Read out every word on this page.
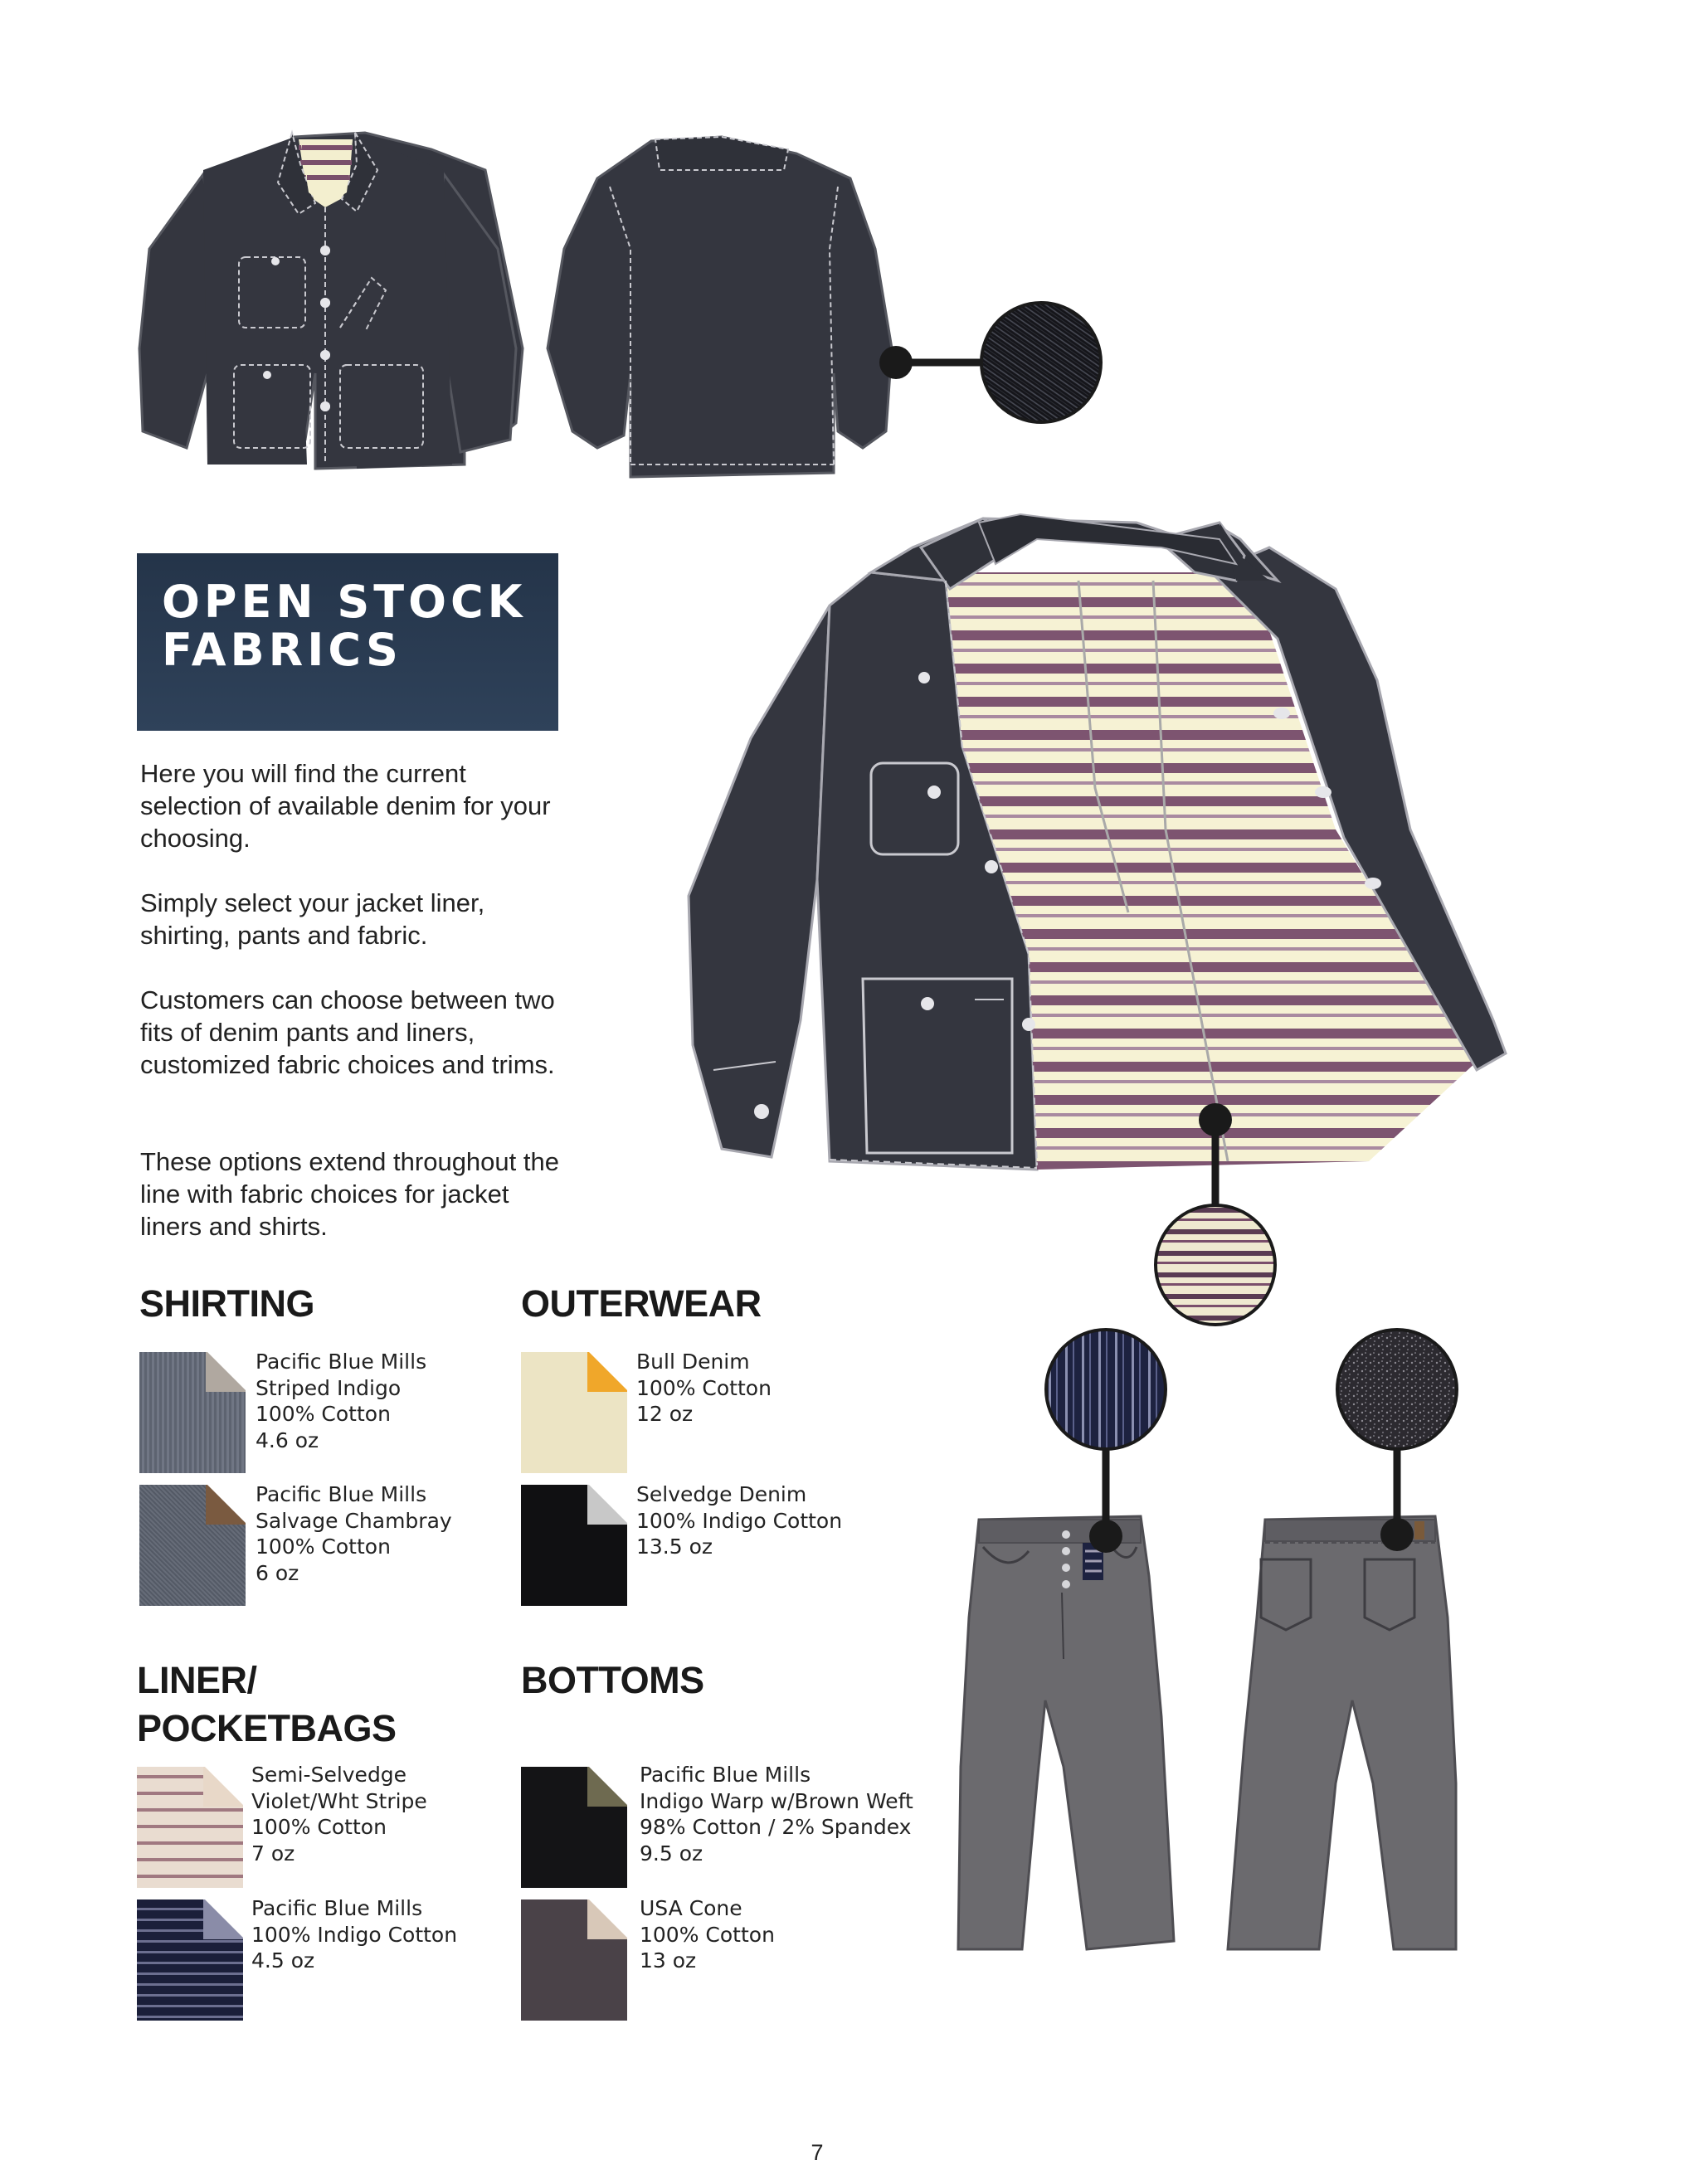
OPEN STOCK FABRICS

Here you will find the current selection of available denim for your choosing.

Simply select your jacket liner, shirting, pants and fabric.

Customers can choose between two fits of denim pants and liners, customized fabric choices and trims.

These options extend throughout the line with fabric choices for jacket liners and shirts.

SHIRTING	OUTERWEAR
LINER/
POCKETBAGS
BOTTOMS
Pacific Blue Mills
Striped Indigo
100% Cotton
4.6 oz
Pacific Blue Mills
Salvage Chambray
100% Cotton
6 oz
Bull Denim
100% Cotton
12 oz
Selvedge Denim
100% Indigo Cotton
13.5 oz
Semi-Selvedge
Violet/Wht Stripe
100% Cotton
7 oz
Pacific Blue Mills
100% Indigo Cotton
4.5 oz
Pacific Blue Mills
Indigo Warp w/Brown Weft
98% Cotton / 2% Spandex
9.5 oz
USA Cone
100% Cotton
13 oz
7
